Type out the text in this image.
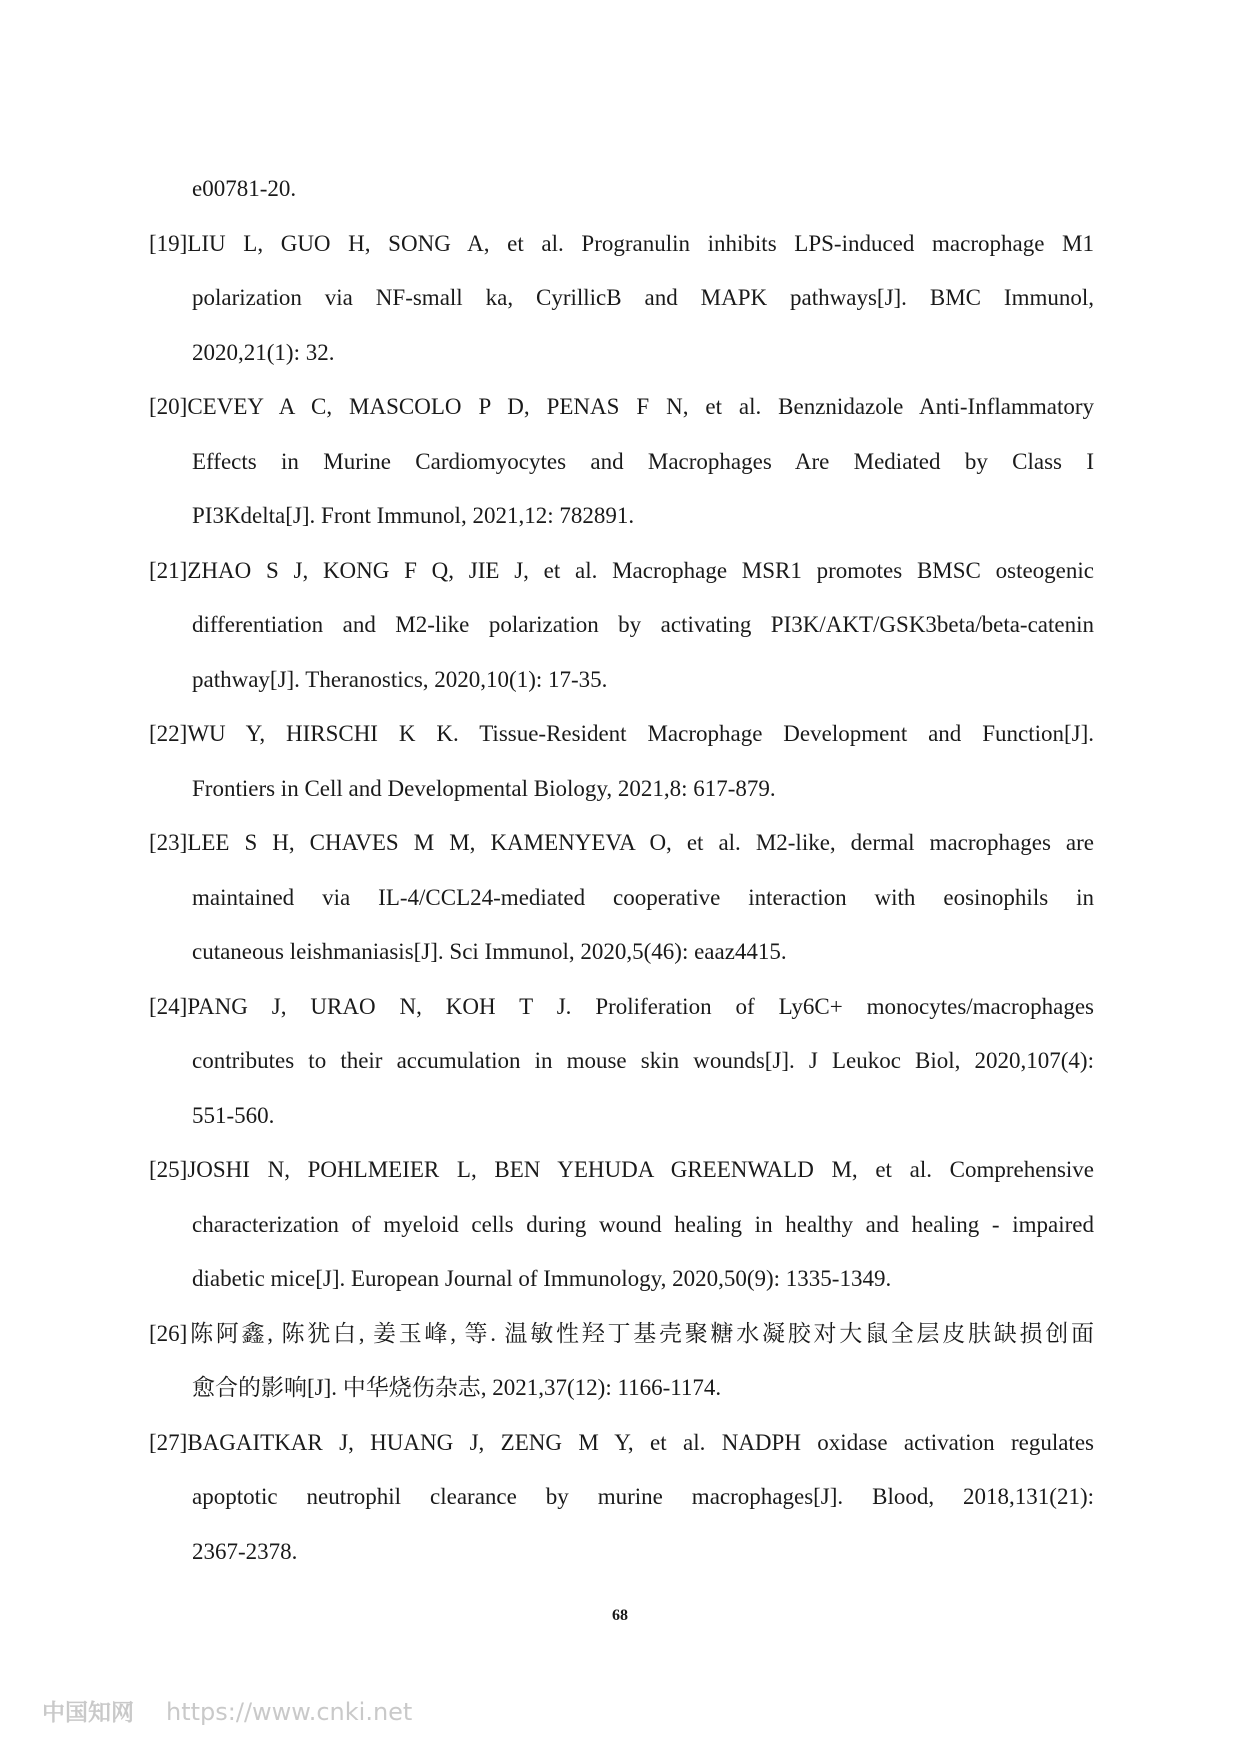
e00781-20.
[19]LIU L, GUO H, SONG A, et al. Progranulin inhibits LPS-induced macrophage M1
polarization via NF-small ka, CyrillicB and MAPK pathways[J]. BMC Immunol,
2020,21(1): 32.
[20]CEVEY A C, MASCOLO P D, PENAS F N, et al. Benznidazole Anti-Inflammatory
Effects in Murine Cardiomyocytes and Macrophages Are Mediated by Class I
PI3Kdelta[J]. Front Immunol, 2021,12: 782891.
[21]ZHAO S J, KONG F Q, JIE J, et al. Macrophage MSR1 promotes BMSC osteogenic
differentiation and M2-like polarization by activating PI3K/AKT/GSK3beta/beta-catenin
pathway[J]. Theranostics, 2020,10(1): 17-35.
[22]WU Y, HIRSCHI K K. Tissue-Resident Macrophage Development and Function[J].
Frontiers in Cell and Developmental Biology, 2021,8: 617-879.
[23]LEE S H, CHAVES M M, KAMENYEVA O, et al. M2-like, dermal macrophages are
maintained via IL-4/CCL24-mediated cooperative interaction with eosinophils in
cutaneous leishmaniasis[J]. Sci Immunol, 2020,5(46): eaaz4415.
[24]PANG J, URAO N, KOH T J. Proliferation of Ly6C+ monocytes/macrophages
contributes to their accumulation in mouse skin wounds[J]. J Leukoc Biol, 2020,107(4):
551-560.
[25]JOSHI N, POHLMEIER L, BEN YEHUDA GREENWALD M, et al. Comprehensive
characterization of myeloid cells during wound healing in healthy and healing - impaired
diabetic mice[J]. European Journal of Immunology, 2020,50(9): 1335-1349.
[26]陈阿鑫, 陈犹白, 姜玉峰, 等. 温敏性羟丁基壳聚糖水凝胶对大鼠全层皮肤缺损创面
愈合的影响[J]. 中华烧伤杂志, 2021,37(12): 1166-1174.
[27]BAGAITKAR J, HUANG J, ZENG M Y, et al. NADPH oxidase activation regulates
apoptotic neutrophil clearance by murine macrophages[J]. Blood, 2018,131(21):
2367-2378.
68
中国知网 https://www.cnki.net
